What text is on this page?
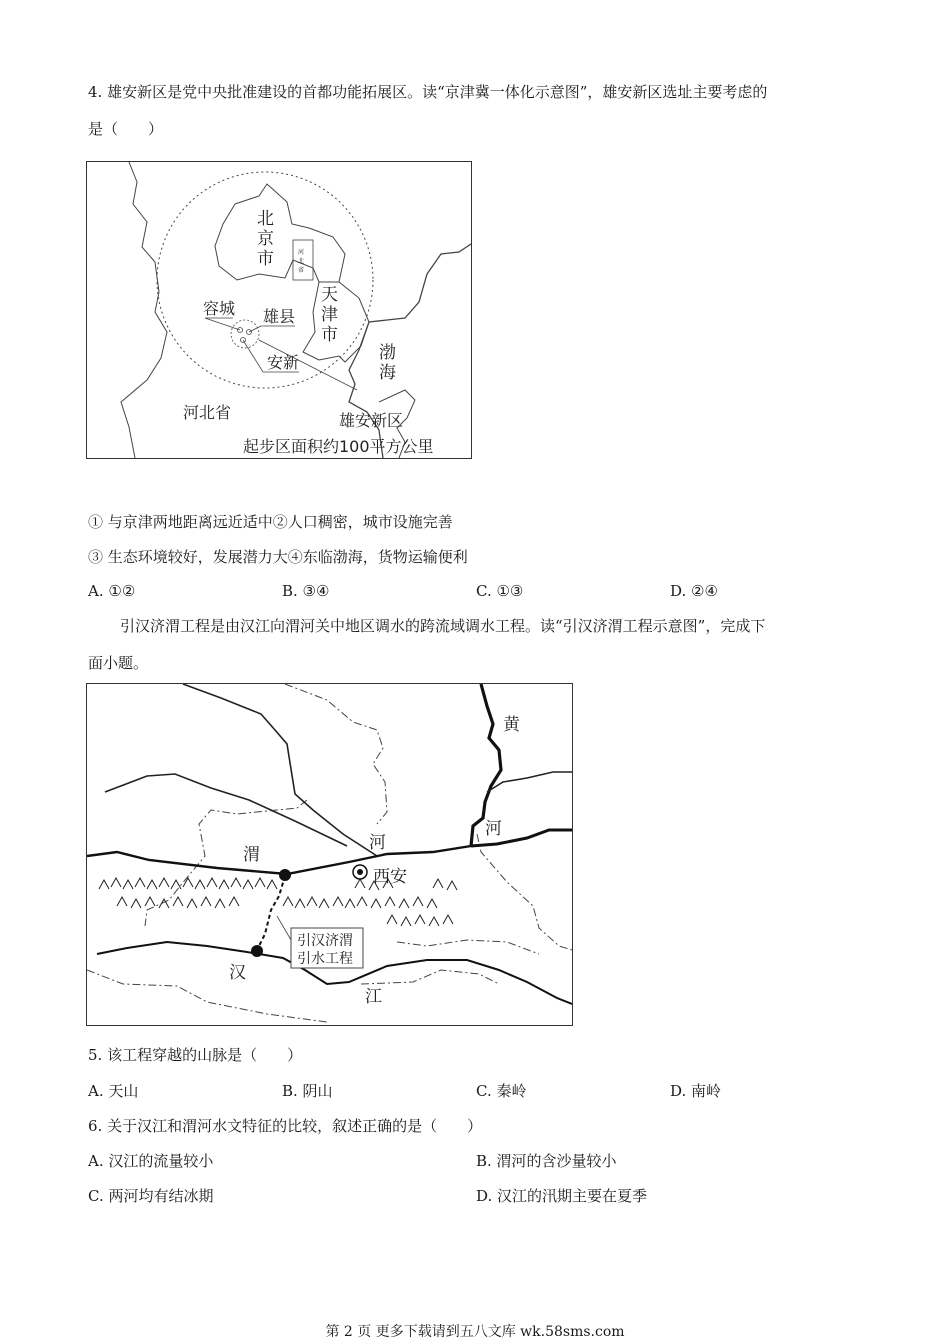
4. 雄安新区是党中央批准建设的首都功能拓展区。读“京津冀一体化示意图”，雄安新区选址主要考虑的
是（　　）
河 北 省
北 京 市
天 津 市
渤 海
容城 雄县
安新
河北省	雄安新区
起步区面积约100平方公里
① 与京津两地距离远近适中②人口稠密，城市设施完善
③ 生态环境较好，发展潜力大④东临渤海，货物运输便利
A. ①②	B. ③④	C. ①③	D. ②④
引汉济渭工程是由汉江向渭河关中地区调水的跨流域调水工程。读“引汉济渭工程示意图”，完成下
面小题。
引汉济渭
引水工程
西安
黄
河
渭
河
汉
江
5. 该工程穿越的山脉是（　　）
A. 天山	B. 阴山	C. 秦岭	D. 南岭
6. 关于汉江和渭河水文特征的比较，叙述正确的是（　　）
A. 汉江的流量较小	B. 渭河的含沙量较小
C. 两河均有结冰期	D. 汉江的汛期主要在夏季
第 2 页 更多下载请到五八文库 wk.58sms.com
